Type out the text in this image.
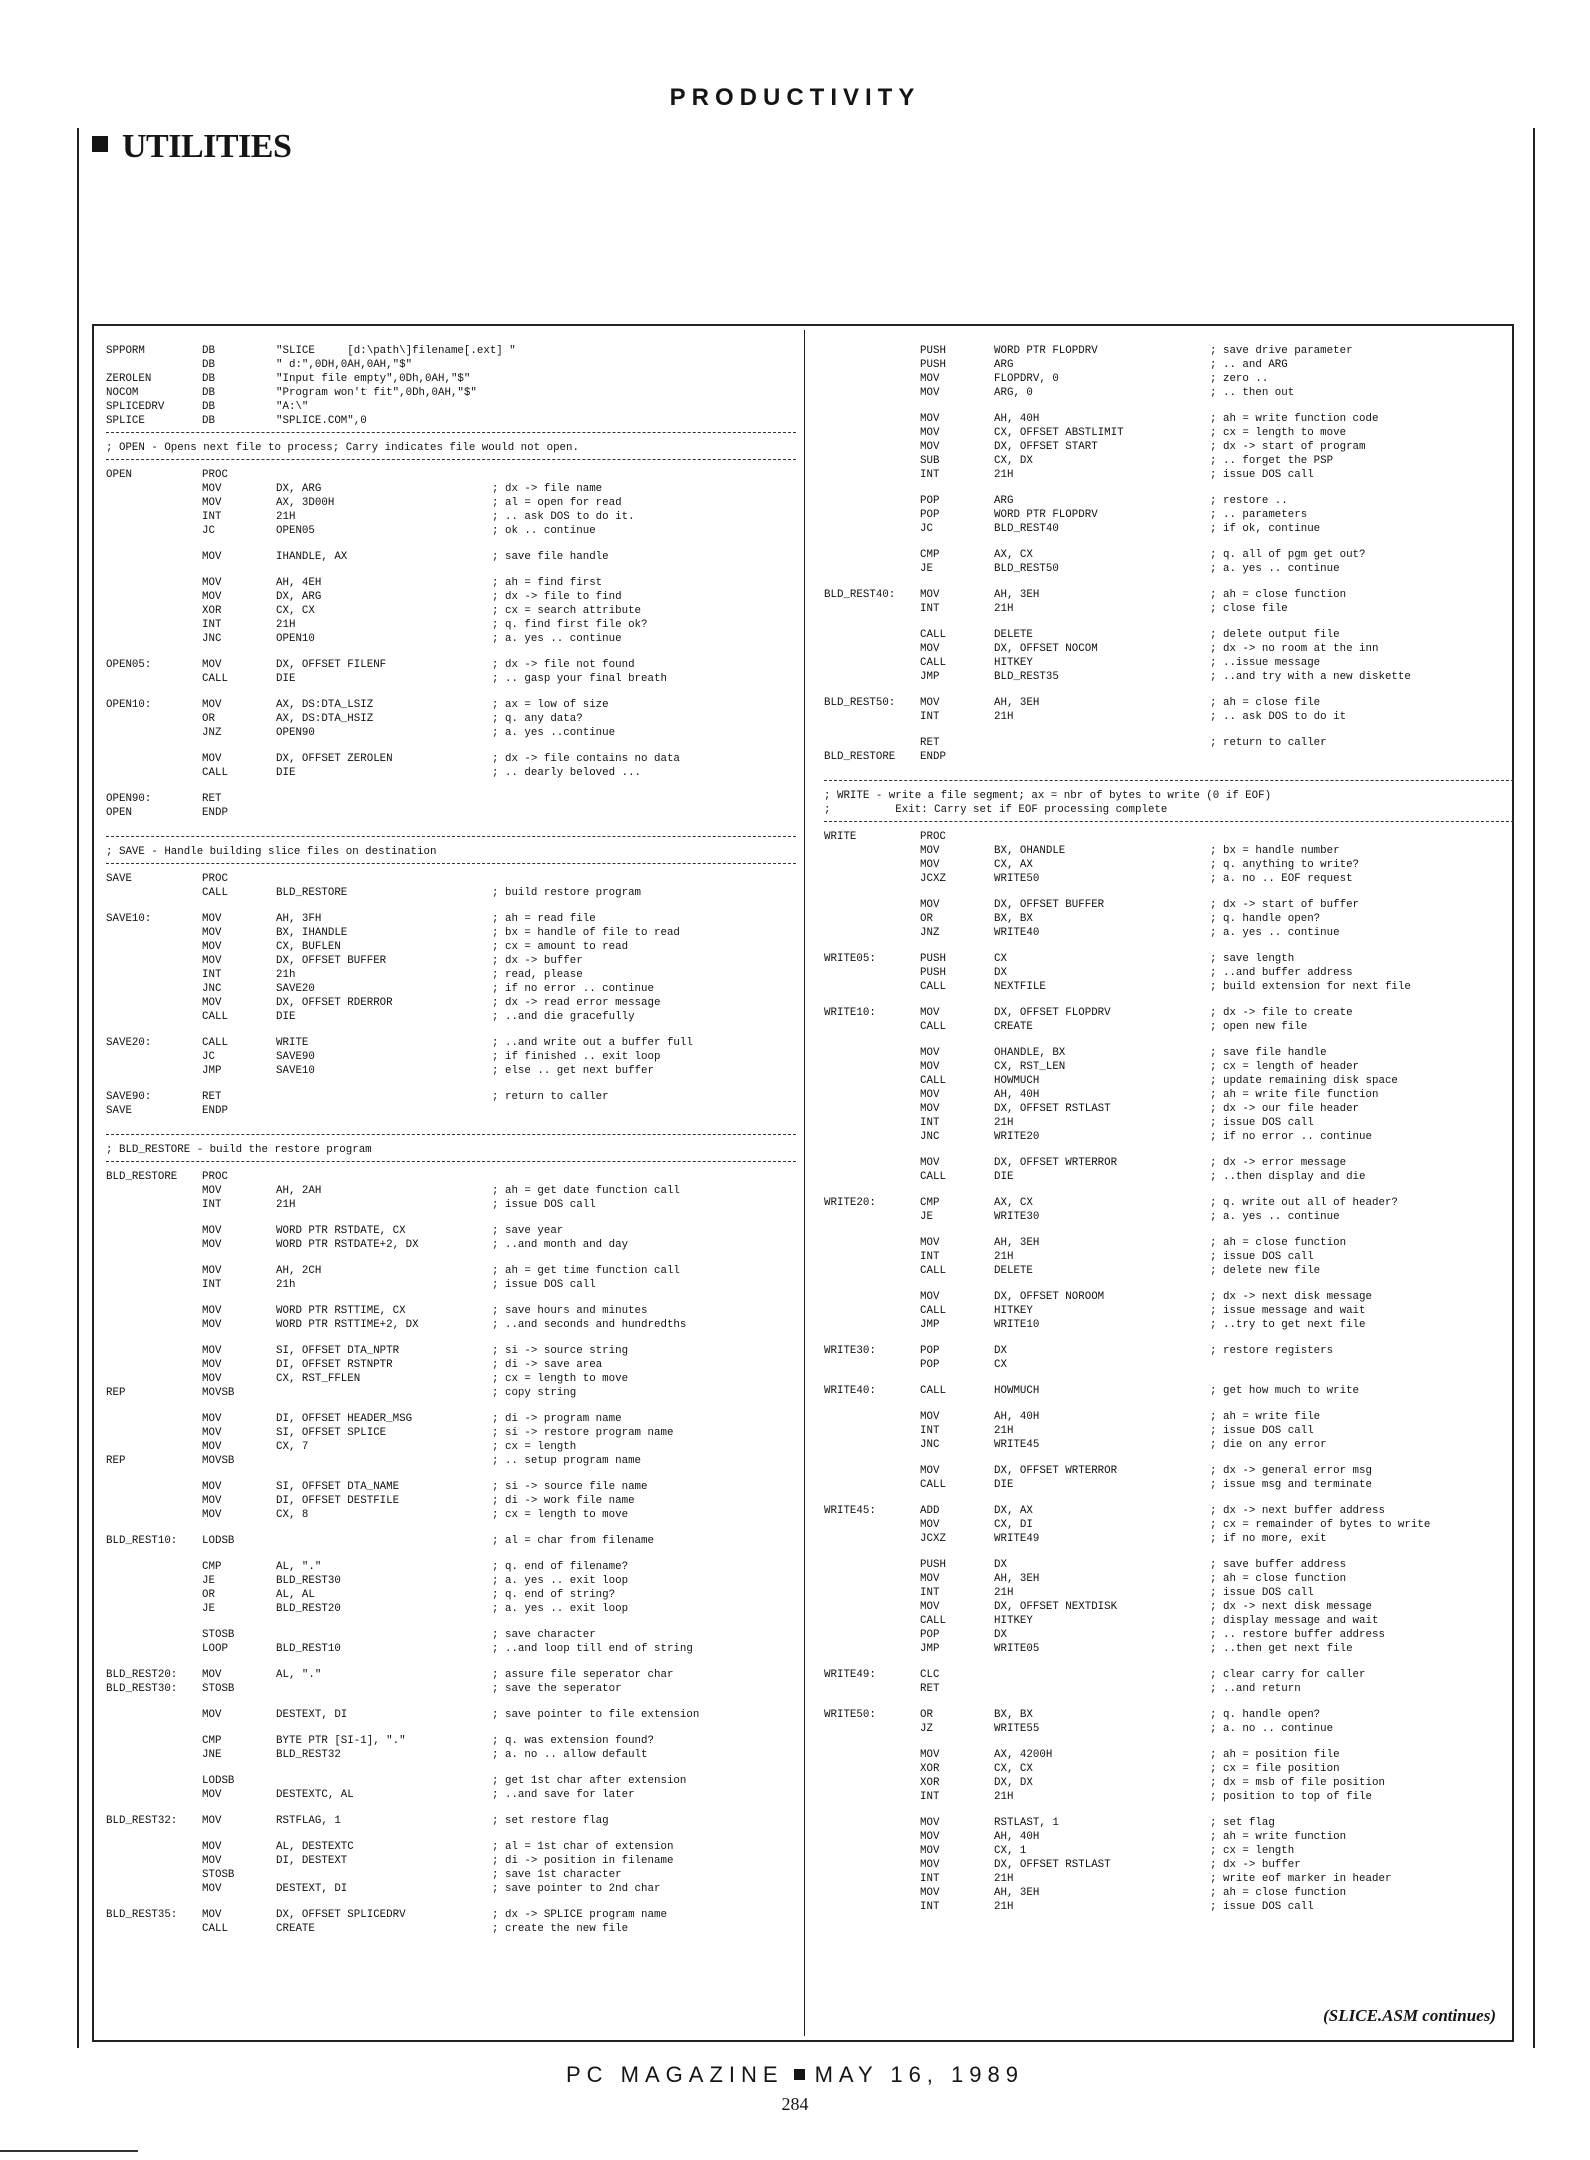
PRODUCTIVITY
UTILITIES
SPPORM	DB	"SLICE     [d:\path\]filename[.ext] "
DB	" d:",0DH,0AH,0AH,"$"
ZEROLEN	DB	"Input file empty",0Dh,0AH,"$"
NOCOM	DB	"Program won't fit",0Dh,0AH,"$"
SPLICEDRV	DB	"A:\"
SPLICE	DB	"SPLICE.COM",0
; OPEN - Opens next file to process; Carry indicates file would not open.
OPEN	PROC
MOV	DX, ARG	; dx -> file name
MOV	AX, 3D00H	; al = open for read
INT	21H	; .. ask DOS to do it.
JC	OPEN05	; ok .. continue
MOV	IHANDLE, AX	; save file handle
MOV	AH, 4EH	; ah = find first
MOV	DX, ARG	; dx -> file to find
XOR	CX, CX	; cx = search attribute
INT	21H	; q. find first file ok?
JNC	OPEN10	; a. yes .. continue
OPEN05:	MOV	DX, OFFSET FILENF	; dx -> file not found
CALL	DIE	; .. gasp your final breath
OPEN10:	MOV	AX, DS:DTA_LSIZ	; ax = low of size
OR	AX, DS:DTA_HSIZ	; q. any data?
JNZ	OPEN90	; a. yes ..continue
MOV	DX, OFFSET ZEROLEN	; dx -> file contains no data
CALL	DIE	; .. dearly beloved ...
OPEN90:	RET
OPEN	ENDP
; SAVE - Handle building slice files on destination
SAVE	PROC
CALL	BLD_RESTORE	; build restore program
SAVE10:	MOV	AH, 3FH	; ah = read file
MOV	BX, IHANDLE	; bx = handle of file to read
MOV	CX, BUFLEN	; cx = amount to read
MOV	DX, OFFSET BUFFER	; dx -> buffer
INT	21h	; read, please
JNC	SAVE20	; if no error .. continue
MOV	DX, OFFSET RDERROR	; dx -> read error message
CALL	DIE	; ..and die gracefully
SAVE20:	CALL	WRITE	; ..and write out a buffer full
JC	SAVE90	; if finished .. exit loop
JMP	SAVE10	; else .. get next buffer
SAVE90:	RET	; return to caller
SAVE	ENDP
; BLD_RESTORE - build the restore program
BLD_RESTORE PROC
MOV	AH, 2AH	; ah = get date function call
INT	21H	; issue DOS call
MOV	WORD PTR RSTDATE, CX	; save year
MOV	WORD PTR RSTDATE+2, DX	; ..and month and day
MOV	AH, 2CH	; ah = get time function call
INT	21h	; issue DOS call
MOV	WORD PTR RSTTIME, CX	; save hours and minutes
MOV	WORD PTR RSTTIME+2, DX	; ..and seconds and hundredths
MOV	SI, OFFSET DTA_NPTR	; si -> source string
MOV	DI, OFFSET RSTNPTR	; di -> save area
MOV	CX, RST_FFLEN	; cx = length to move
REP	MOVSB	; copy string
MOV	DI, OFFSET HEADER_MSG	; di -> program name
MOV	SI, OFFSET SPLICE	; si -> restore program name
MOV	CX, 7	; cx = length
REP	MOVSB	; .. setup program name
MOV	SI, OFFSET DTA_NAME	; si -> source file name
MOV	DI, OFFSET DESTFILE	; di -> work file name
MOV	CX, 8	; cx = length to move
BLD_REST10: LODSB	; al = char from filename
CMP	AL, "."	; q. end of filename?
JE	BLD_REST30	; a. yes .. exit loop
OR	AL, AL	; q. end of string?
JE	BLD_REST20	; a. yes .. exit loop
STOSB	; save character
LOOP	BLD_REST10	; ..and loop till end of string
BLD_REST20: MOV	AL, "."	; assure file seperator char
BLD_REST30: STOSB	; save the seperator
MOV	DESTEXT, DI	; save pointer to file extension
CMP	BYTE PTR [SI-1], "."	; q. was extension found?
JNE	BLD_REST32	; a. no .. allow default
LODSB	; get 1st char after extension
MOV	DESTEXTC, AL	; ..and save for later
BLD_REST32: MOV	RSTFLAG, 1	; set restore flag
MOV	AL, DESTEXTC	; al = 1st char of extension
MOV	DI, DESTEXT	; di -> position in filename
STOSB	; save 1st character
MOV	DESTEXT, DI	; save pointer to 2nd char
BLD_REST35: MOV	DX, OFFSET SPLICEDRV	; dx -> SPLICE program name
CALL	CREATE	; create the new file
PUSH	WORD PTR FLOPDRV	; save drive parameter
PUSH	ARG	; .. and ARG
MOV	FLOPDRV, 0	; zero ..
MOV	ARG, 0	; .. then out
MOV	AH, 40H	; ah = write function code
MOV	CX, OFFSET ABSTLIMIT	; cx = length to move
MOV	DX, OFFSET START	; dx -> start of program
SUB	CX, DX	; .. forget the PSP
INT	21H	; issue DOS call
POP	ARG	; restore ..
POP	WORD PTR FLOPDRV	; .. parameters
JC	BLD_REST40	; if ok, continue
CMP	AX, CX	; q. all of pgm get out?
JE	BLD_REST50	; a. yes .. continue
BLD_REST40: MOV	AH, 3EH	; ah = close function
INT	21H	; close file
CALL	DELETE	; delete output file
MOV	DX, OFFSET NOCOM	; dx -> no room at the inn
CALL	HITKEY	; ..issue message
JMP	BLD_REST35	; ..and try with a new diskette
BLD_REST50: MOV	AH, 3EH	; ah = close file
INT	21H	; .. ask DOS to do it
RET	; return to caller
BLD_RESTORE ENDP
; WRITE - write a file segment; ax = nbr of bytes to write (0 if EOF)
;          Exit: Carry set if EOF processing complete
WRITE	PROC
MOV	BX, OHANDLE	; bx = handle number
MOV	CX, AX	; q. anything to write?
JCXZ	WRITE50	; a. no .. EOF request
MOV	DX, OFFSET BUFFER	; dx -> start of buffer
OR	BX, BX	; q. handle open?
JNZ	WRITE40	; a. yes .. continue
WRITE05:	PUSH	CX	; save length
PUSH	DX	; ..and buffer address
CALL	NEXTFILE	; build extension for next file
WRITE10:	MOV	DX, OFFSET FLOPDRV	; dx -> file to create
CALL	CREATE	; open new file
MOV	OHANDLE, BX	; save file handle
MOV	CX, RST_LEN	; cx = length of header
CALL	HOWMUCH	; update remaining disk space
MOV	AH, 40H	; ah = write file function
MOV	DX, OFFSET RSTLAST	; dx -> our file header
INT	21H	; issue DOS call
JNC	WRITE20	; if no error .. continue
MOV	DX, OFFSET WRTERROR	; dx -> error message
CALL	DIE	; ..then display and die
WRITE20:	CMP	AX, CX	; q. write out all of header?
JE	WRITE30	; a. yes .. continue
MOV	AH, 3EH	; ah = close function
INT	21H	; issue DOS call
CALL	DELETE	; delete new file
MOV	DX, OFFSET NOROOM	; dx -> next disk message
CALL	HITKEY	; issue message and wait
JMP	WRITE10	; ..try to get next file
WRITE30:	POP	DX	; restore registers
POP	CX
WRITE40:	CALL	HOWMUCH	; get how much to write
MOV	AH, 40H	; ah = write file
INT	21H	; issue DOS call
JNC	WRITE45	; die on any error
MOV	DX, OFFSET WRTERROR	; dx -> general error msg
CALL	DIE	; issue msg and terminate
WRITE45:	ADD	DX, AX	; dx -> next buffer address
MOV	CX, DI	; cx = remainder of bytes to write
JCXZ	WRITE49	; if no more, exit
PUSH	DX	; save buffer address
MOV	AH, 3EH	; ah = close function
INT	21H	; issue DOS call
MOV	DX, OFFSET NEXTDISK	; dx -> next disk message
CALL	HITKEY	; display message and wait
POP	DX	; .. restore buffer address
JMP	WRITE05	; ..then get next file
WRITE49:	CLC	; clear carry for caller
RET	; ..and return
WRITE50:	OR	BX, BX	; q. handle open?
JZ	WRITE55	; a. no .. continue
MOV	AX, 4200H	; ah = position file
XOR	CX, CX	; cx = file position
XOR	DX, DX	; dx = msb of file position
INT	21H	; position to top of file
MOV	RSTLAST, 1	; set flag
MOV	AH, 40H	; ah = write function
MOV	CX, 1	; cx = length
MOV	DX, OFFSET RSTLAST	; dx -> buffer
INT	21H	; write eof marker in header
MOV	AH, 3EH	; ah = close function
INT	21H	; issue DOS call

(SLICE.ASM continues)

PC MAGAZINE MAY 16, 1989
284
